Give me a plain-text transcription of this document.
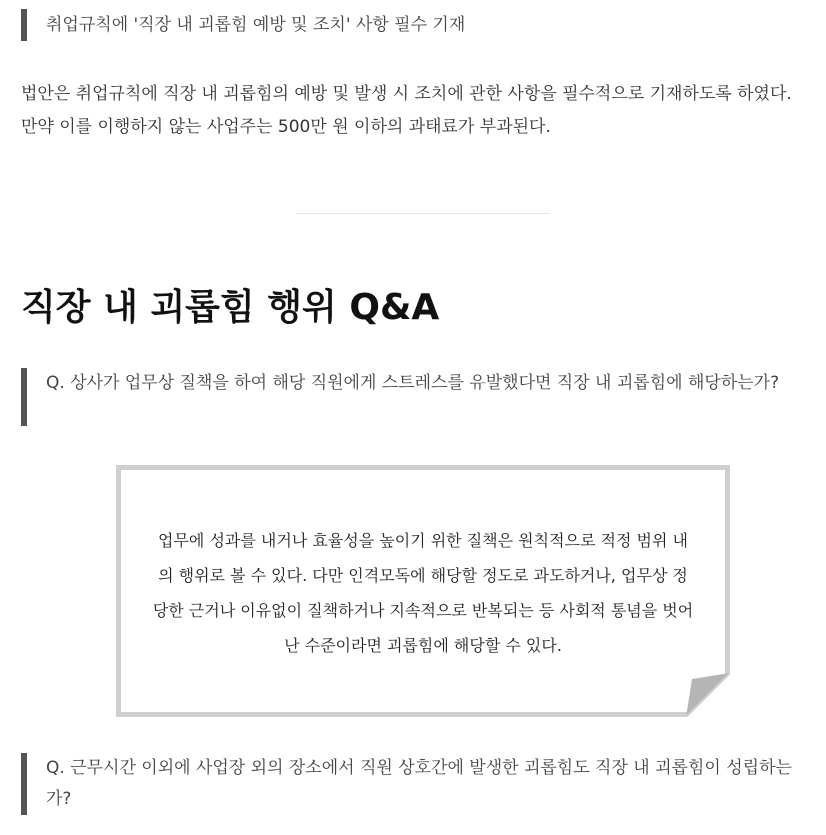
취업규칙에 '직장 내 괴롭힘 예방 및 조치' 사항 필수 기재
법안은 취업규칙에 직장 내 괴롭힘의 예방 및 발생 시 조치에 관한 사항을 필수적으로 기재하도록 하였다. 만약 이를 이행하지 않는 사업주는 500만 원 이하의 과태료가 부과된다.
직장 내 괴롭힘 행위 Q&A
Q. 상사가 업무상 질책을 하여 해당 직원에게 스트레스를 유발했다면 직장 내 괴롭힘에 해당하는가?
업무에 성과를 내거나 효율성을 높이기 위한 질책은 원칙적으로 적정 범위 내의 행위로 볼 수 있다. 다만 인격모독에 해당할 정도로 과도하거나, 업무상 정당한 근거나 이유없이 질책하거나 지속적으로 반복되는 등 사회적 통념을 벗어난 수준이라면 괴롭힘에 해당할 수 있다.
Q. 근무시간 이외에 사업장 외의 장소에서 직원 상호간에 발생한 괴롭힘도 직장 내 괴롭힘이 성립하는가?
